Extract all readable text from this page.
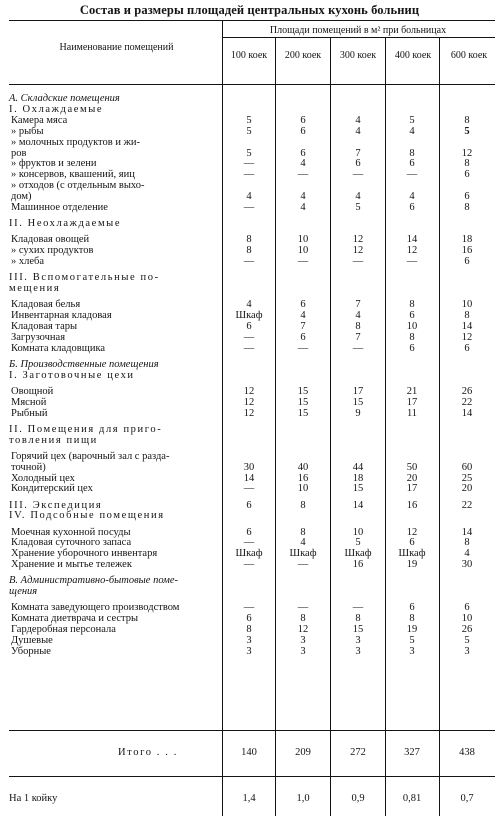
Состав и размеры площадей центральных кухонь больниц
Наименование помещений
Площади помещений в м² при больницах
100 коек	200 коек	300 коек	400 коек	600 коек
А. Складские помещения
I. Охлаждаемые
Камера мяса	5	6	4	5	8
» рыбы	5	6	4	4	5
» молочных продуктов и жи-
ров	5	6	7	8	12
» фруктов и зелени	—	4	6	6	8
» консервов, квашений, яиц	—	—	—	—	6
» отходов (с отдельным выхо-
дом)	4	4	4	4	6
Машинное отделение	—	4	5	6	8
II. Неохлаждаемые
Кладовая овощей	8	10	12	14	18
» сухих продуктов	8	10	12	12	16
» хлеба	—	—	—	—	6
III. Вспомогательные по-
мещения
Кладовая белья	4	6	7	8	10
Инвентарная кладовая	Шкаф	4	4	6	8
Кладовая тары	6	7	8	10	14
Загрузочная	—	6	7	8	12
Комната кладовщика	—	—	—	6	6
Б. Производственные помещения
I. Заготовочные цехи
Овощной	12	15	17	21	26
Мясной	12	15	15	17	22
Рыбный	12	15	9	11	14
II. Помещения для приго-
товления пищи
Горячий цех (варочный зал с разда-
точной)	30	40	44	50	60
Холодный цех	14	16	18	20	25
Кондитерский цех	—	10	15	17	20
III. Экспедиция	6	8	14	16	22
IV. Подсобные помещения
Моечная кухонной посуды	6	8	10	12	14
Кладовая суточного запаса	—	4	5	6	8
Хранение уборочного инвентаря	Шкаф	Шкаф	Шкаф	Шкаф	4
Хранение и мытье тележек	—	—	16	19	30
В. Административно-бытовые поме-
щения
Комната заведующего производством	—	—	—	6	6
Комната диетврача и сестры	6	8	8	8	10
Гардеробная персонала	8	12	15	19	26
Душевые	3	3	3	5	5
Уборные	3	3	3	3	3
Итого . . .	140	209	272	327	438
На 1 койку	1,4	1,0	0,9	0,81	0,7
